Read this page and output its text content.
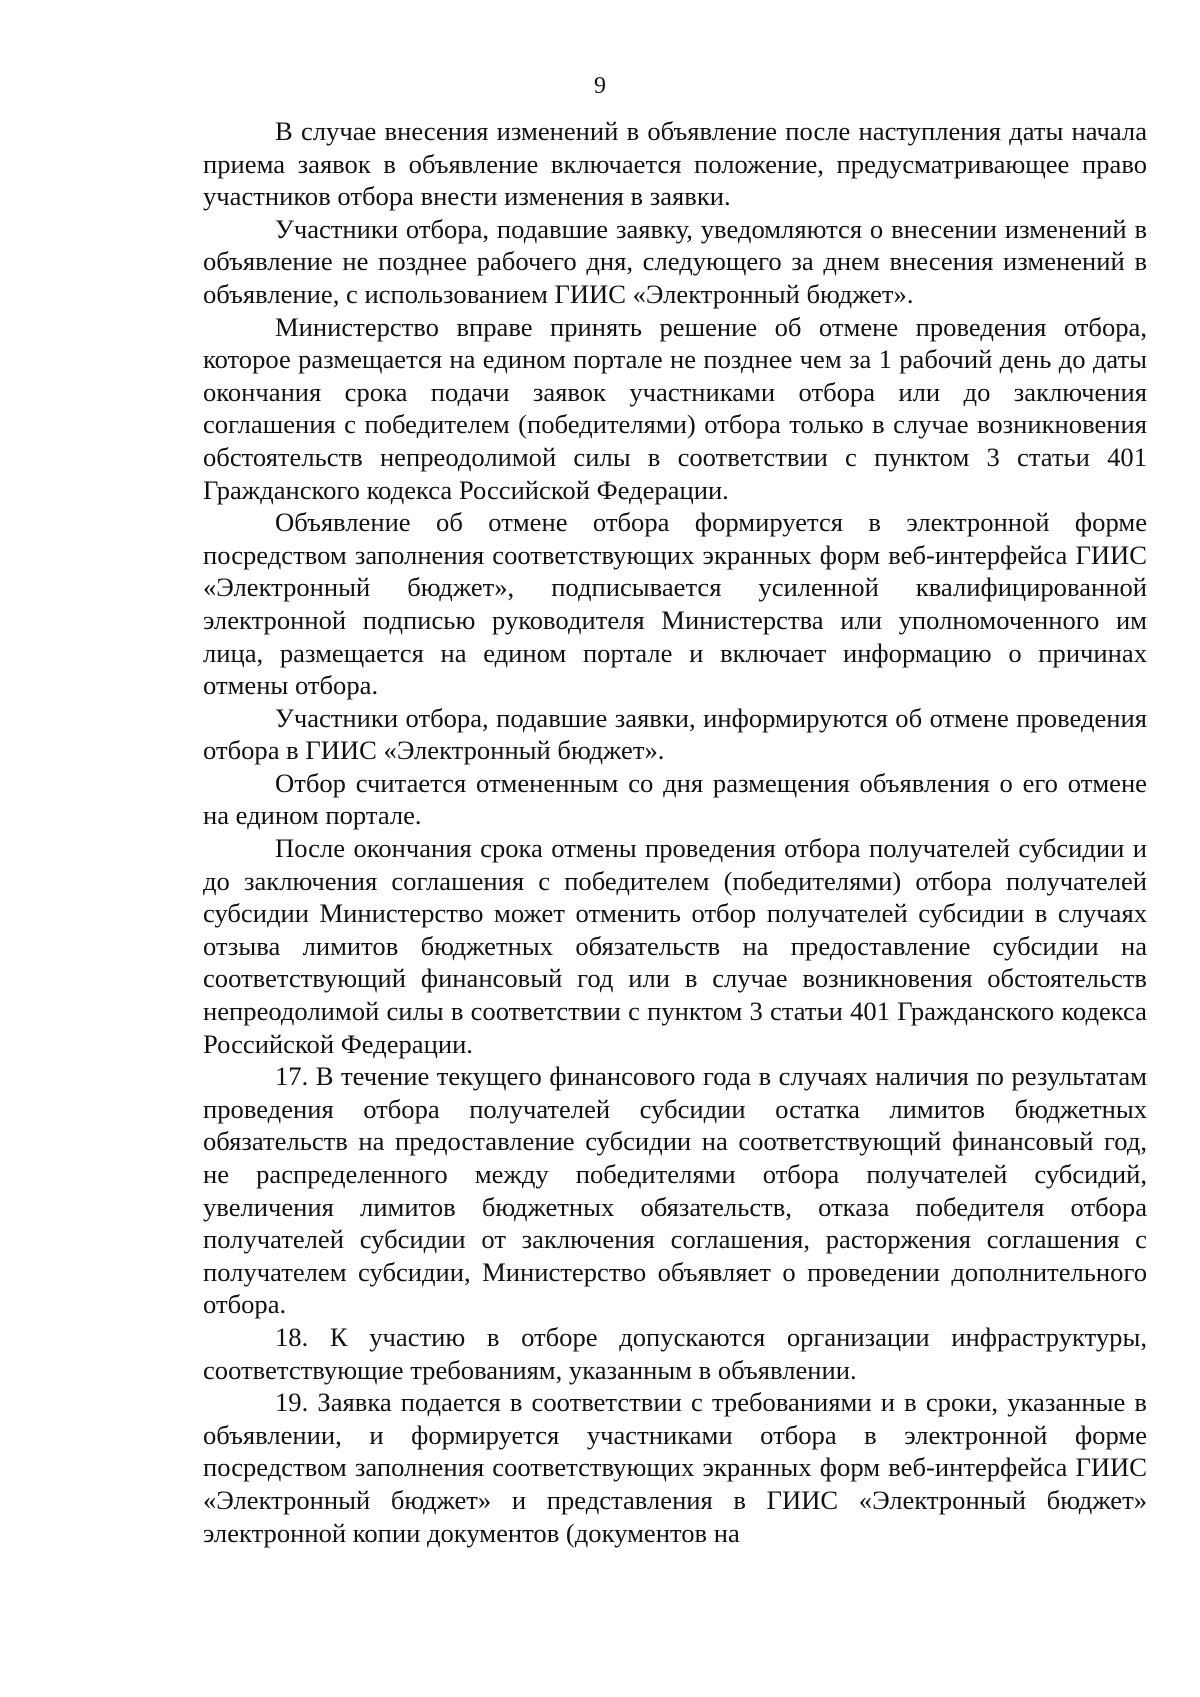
9

В случае внесения изменений в объявление после наступления даты начала приема заявок в объявление включается положение, предусматривающее право участников отбора внести изменения в заявки.

Участники отбора, подавшие заявку, уведомляются о внесении изменений в объявление не позднее рабочего дня, следующего за днем внесения изменений в объявление, с использованием ГИИС «Электронный бюджет».

Министерство вправе принять решение об отмене проведения отбора, которое размещается на едином портале не позднее чем за 1 рабочий день до даты окончания срока подачи заявок участниками отбора или до заключения соглашения с победителем (победителями) отбора только в случае возникновения обстоятельств непреодолимой силы в соответствии с пунктом 3 статьи 401 Гражданского кодекса Российской Федерации.

Объявление об отмене отбора формируется в электронной форме посредством заполнения соответствующих экранных форм веб-интерфейса ГИИС «Электронный бюджет», подписывается усиленной квалифицированной электронной подписью руководителя Министерства или уполномоченного им лица, размещается на едином портале и включает информацию о причинах отмены отбора.

Участники отбора, подавшие заявки, информируются об отмене проведения отбора в ГИИС «Электронный бюджет».

Отбор считается отмененным со дня размещения объявления о его отмене на едином портале.

После окончания срока отмены проведения отбора получателей субсидии и до заключения соглашения с победителем (победителями) отбора получателей субсидии Министерство может отменить отбор получателей субсидии в случаях отзыва лимитов бюджетных обязательств на предоставление субсидии на соответствующий финансовый год или в случае возникновения обстоятельств непреодолимой силы в соответствии с пунктом 3 статьи 401 Гражданского кодекса Российской Федерации.

17. В течение текущего финансового года в случаях наличия по результатам проведения отбора получателей субсидии остатка лимитов бюджетных обязательств на предоставление субсидии на соответствующий финансовый год, не распределенного между победителями отбора получателей субсидий, увеличения лимитов бюджетных обязательств, отказа победителя отбора получателей субсидии от заключения соглашения, расторжения соглашения с получателем субсидии, Министерство объявляет о проведении дополнительного отбора.

18. К участию в отборе допускаются организации инфраструктуры, соответствующие требованиям, указанным в объявлении.

19. Заявка подается в соответствии с требованиями и в сроки, указанные в объявлении, и формируется участниками отбора в электронной форме посредством заполнения соответствующих экранных форм веб-интерфейса ГИИС «Электронный бюджет» и представления в ГИИС «Электронный бюджет» электронной копии документов (документов на
